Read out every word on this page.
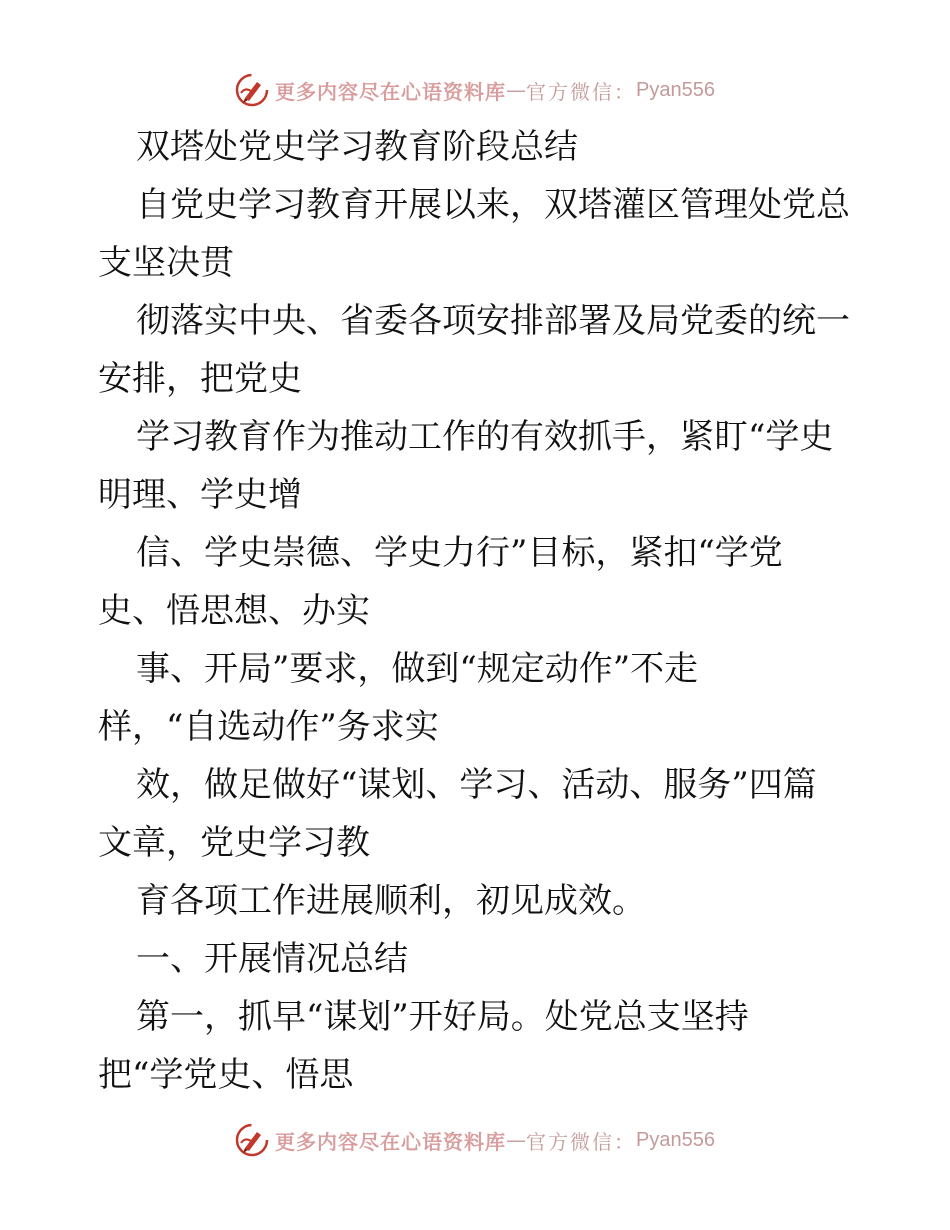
更多内容尽在心语资料库 — 官方微信： Pyan556
双塔处党史学习教育阶段总结
自党史学习教育开展以来，双塔灌区管理处党总
支坚决贯
彻落实中央、省委各项安排部署及局党委的统一
安排，把党史
学习教育作为推动工作的有效抓手，紧盯“学史
明理、学史增
信、学史崇德、学史力行”目标，紧扣“学党
史、悟思想、办实
事、开局”要求，做到“规定动作”不走
样，“自选动作”务求实
效，做足做好“谋划、学习、活动、服务”四篇
文章，党史学习教
育各项工作进展顺利，初见成效。
一、开展情况总结
第一，抓早“谋划”开好局。处党总支坚持
把“学党史、悟思
更多内容尽在心语资料库 — 官方微信： Pyan556
